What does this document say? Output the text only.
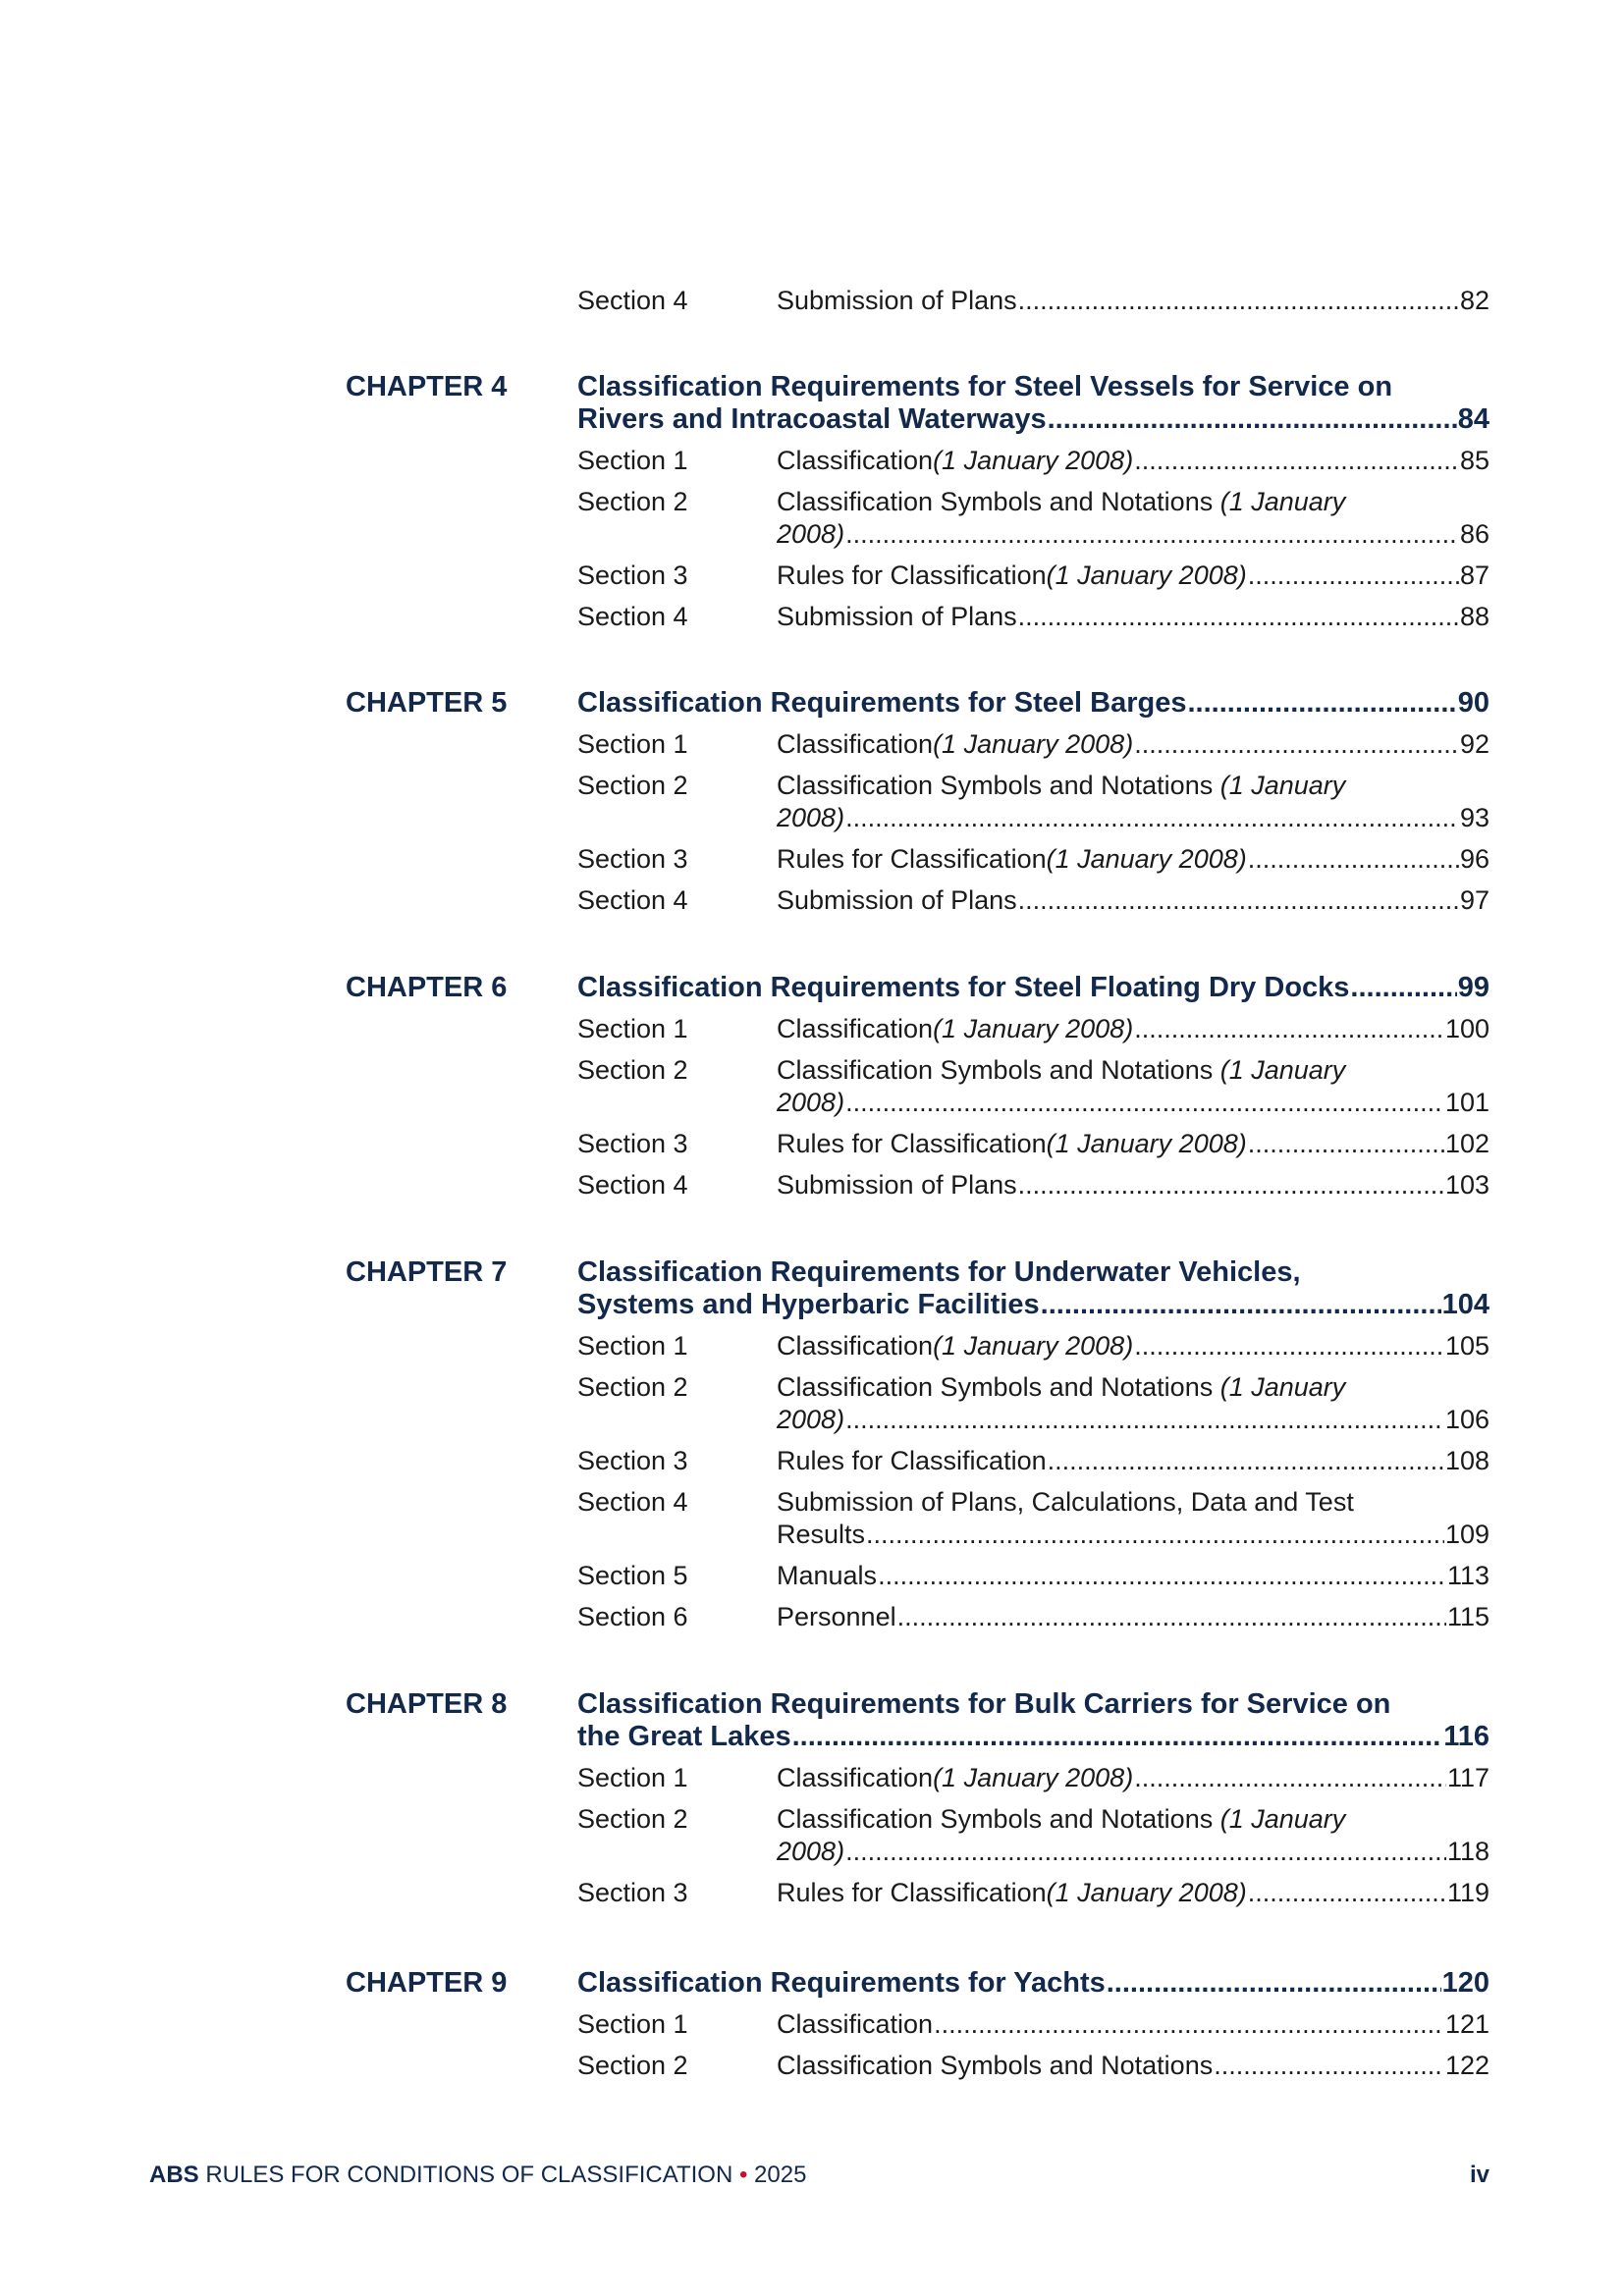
Section 4	Submission of Plans .....	82
CHAPTER 4 Classification Requirements for Steel Vessels for Service on
Rivers and Intracoastal Waterways .....	84
Section 1	Classification (1 January 2008) .....	85
Section 2	Classification Symbols and Notations (1 January
2008) .....	86
Section 3	Rules for Classification (1 January 2008) .....	87
Section 4	Submission of Plans .....	88
CHAPTER 5 Classification Requirements for Steel Barges .....	90
Section 1	Classification (1 January 2008) .....	92
Section 2	Classification Symbols and Notations (1 January
2008) .....	93
Section 3	Rules for Classification (1 January 2008) .....	96
Section 4	Submission of Plans .....	97
CHAPTER 6 Classification Requirements for Steel Floating Dry Docks .....	99
Section 1	Classification (1 January 2008) .....	100
Section 2	Classification Symbols and Notations (1 January
2008) .....	101
Section 3	Rules for Classification (1 January 2008) .....	102
Section 4	Submission of Plans .....	103
CHAPTER 7 Classification Requirements for Underwater Vehicles,
Systems and Hyperbaric Facilities .....	104
Section 1	Classification (1 January 2008) .....	105
Section 2	Classification Symbols and Notations (1 January
2008) .....	106
Section 3	Rules for Classification .....	108
Section 4	Submission of Plans, Calculations, Data and Test
Results .....	109
Section 5	Manuals .....	113
Section 6	Personnel .....	115
CHAPTER 8 Classification Requirements for Bulk Carriers for Service on
the Great Lakes .....	116
Section 1	Classification (1 January 2008) .....	117
Section 2	Classification Symbols and Notations (1 January
2008) .....	118
Section 3	Rules for Classification (1 January 2008) .....	119
CHAPTER 9 Classification Requirements for Yachts .....	120
Section 1	Classification .....	121
Section 2	Classification Symbols and Notations .....	122
ABS RULES FOR CONDITIONS OF CLASSIFICATION • 2025	iv
